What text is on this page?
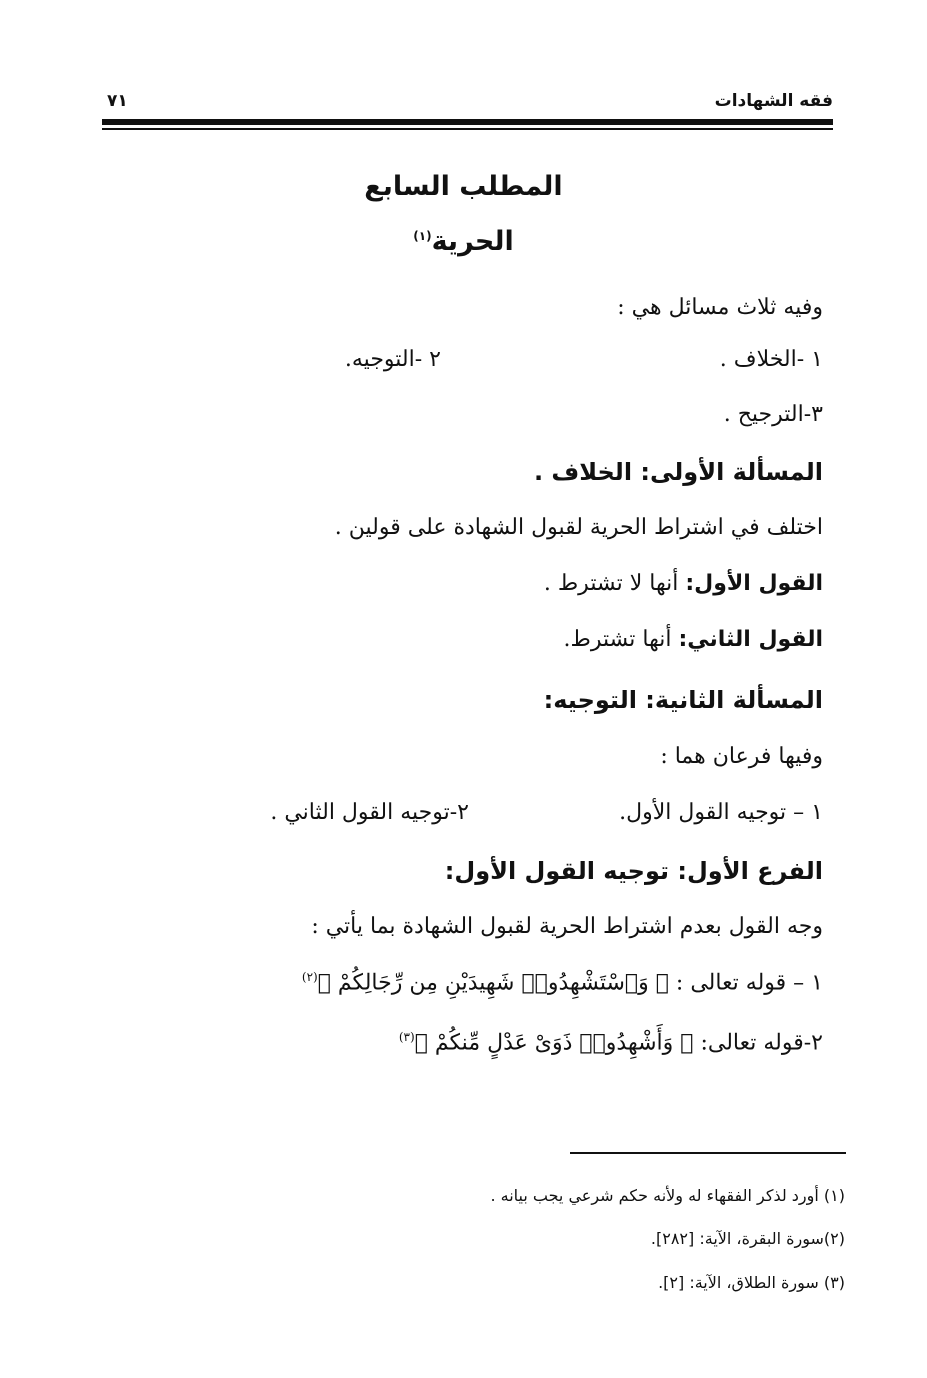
فقه الشهادات
٧١
المطلب السابع
الحرية$^{(١)}$
وفيه ثلاث مسائل هي :
١ -الخلاف .
٢ -التوجيه.
٣-الترجيح .
المسألة الأولى: الخلاف .
اختلف في اشتراط الحرية لقبول الشهادة على قولين .
القول الأول: أنها لا تشترط .
القول الثاني: أنها تشترط.
المسألة الثانية: التوجيه:
وفيها فرعان هما :
١ – توجيه القول الأول.
٢-توجيه القول الثاني .
الفرع الأول: توجيه القول الأول:
وجه القول بعدم اشتراط الحرية لقبول الشهادة بما يأتي :
١ – قوله تعالى : ﴿ وَٱسْتَشْهِدُوا۟ شَهِيدَيْنِ مِن رِّجَالِكُمْ ﴾$^{(٢)}$
٢-قوله تعالى: ﴿ وَأَشْهِدُوا۟ ذَوَىْ عَدْلٍ مِّنكُمْ ﴾$^{(٣)}$
(١) أورد لذكر الفقهاء له ولأنه حكم شرعي يجب بيانه .
(٢)سورة البقرة، الآية: [٢٨٢].
(٣) سورة الطلاق، الآية: [٢].
